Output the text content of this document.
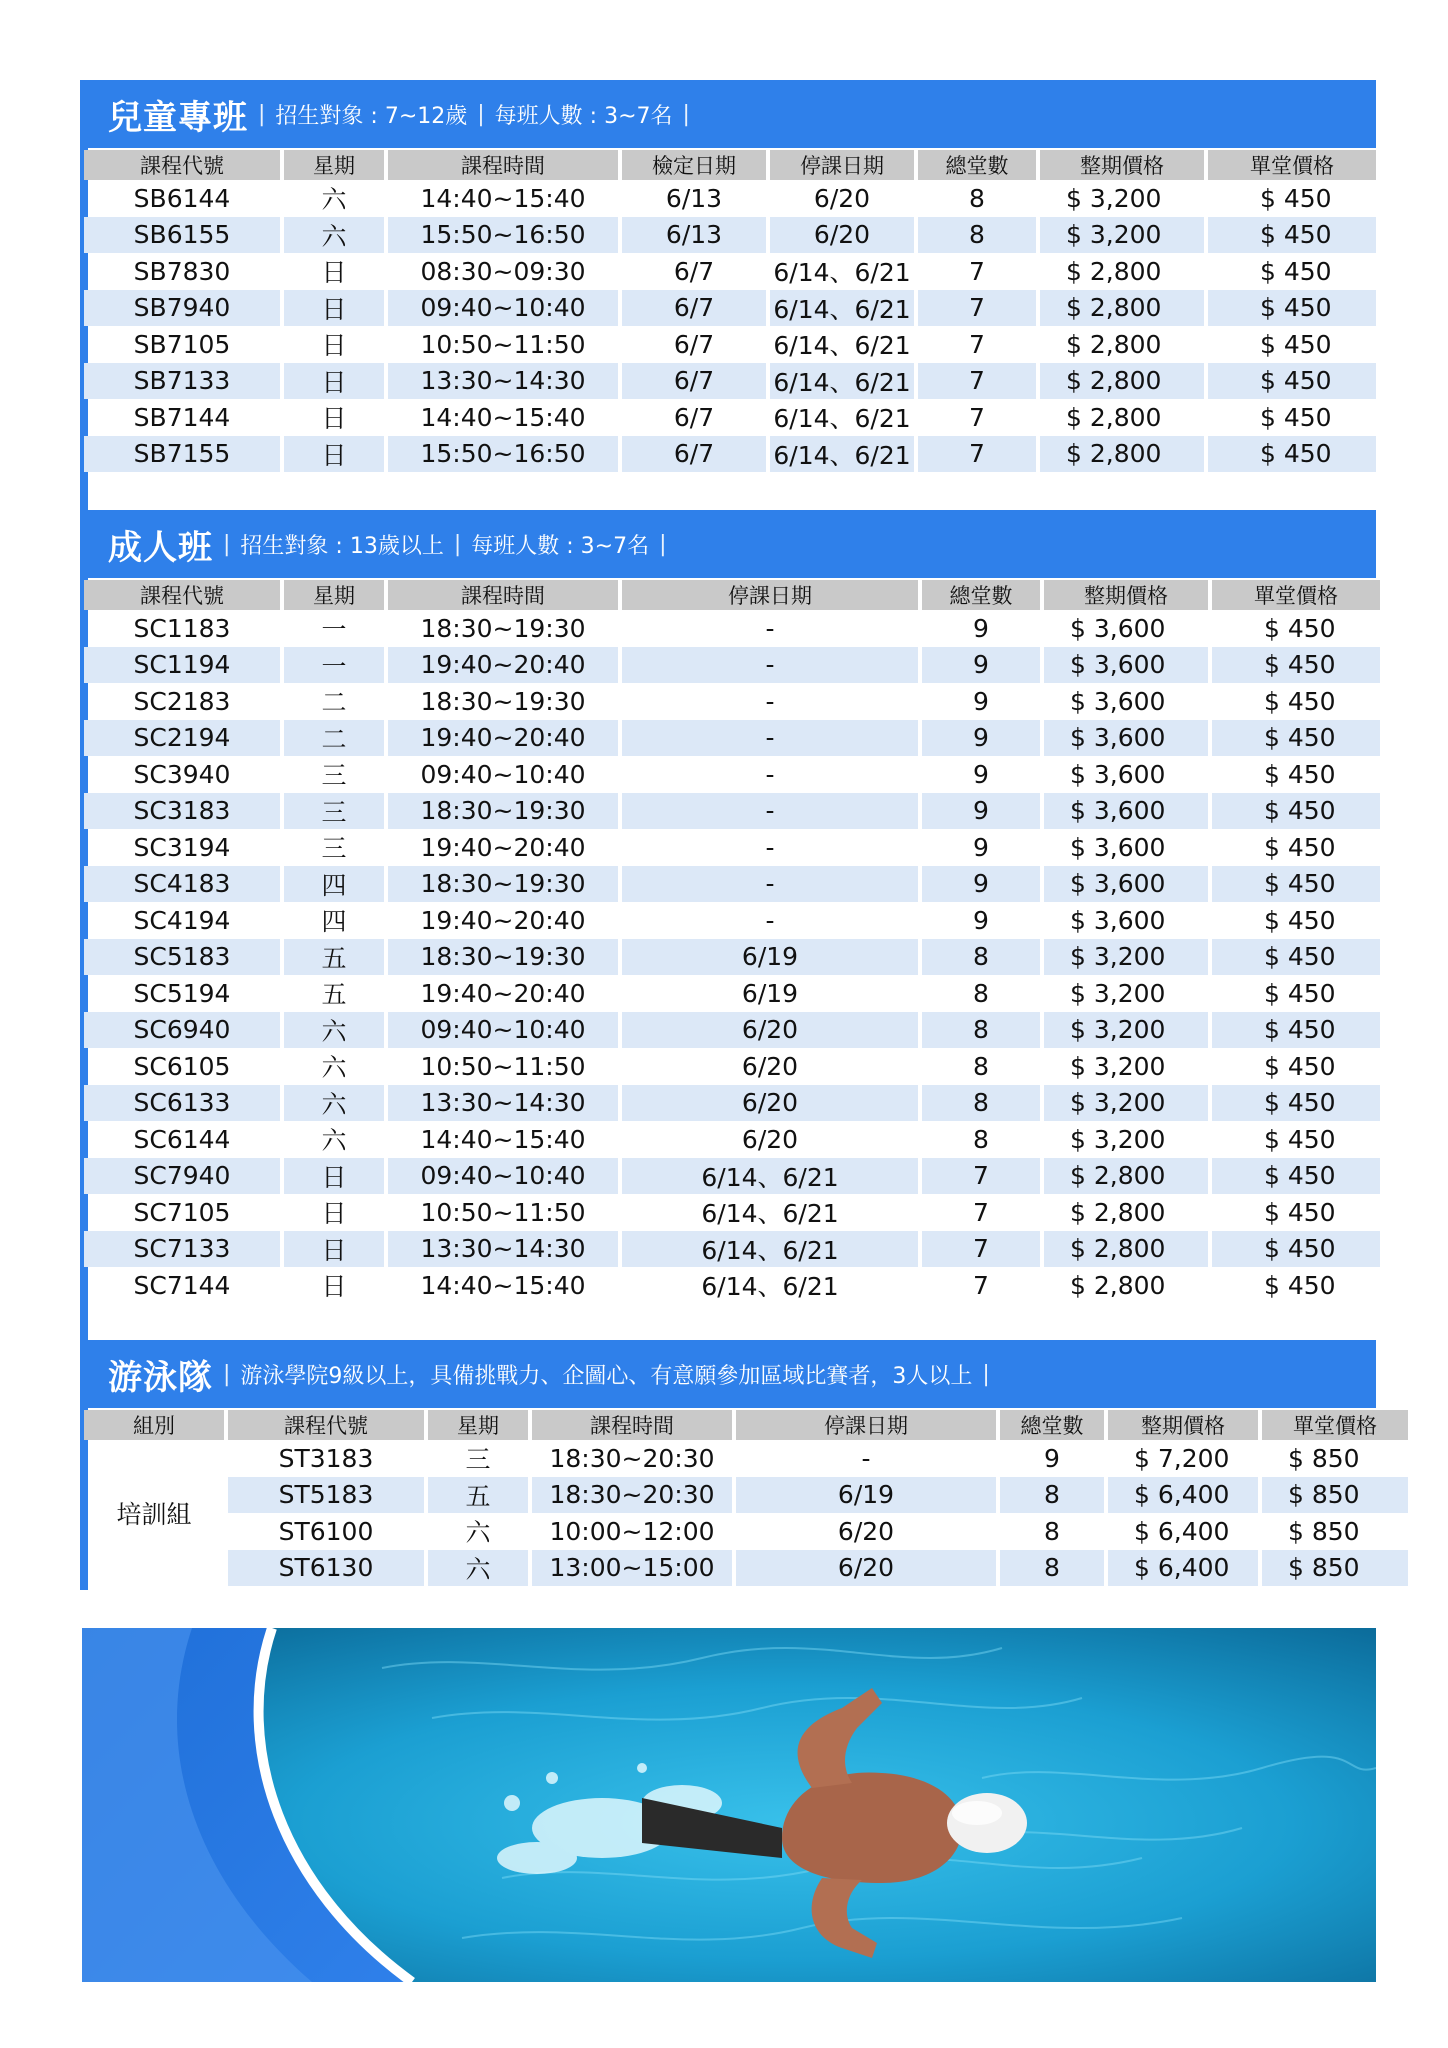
兒童專班 | 招生對象 : 7~12歲 | 每班人數 : 3~7名 |
課程代號	星期	課程時間	檢定日期	停課日期	總堂數	整期價格	單堂價格
SB6144	六	14:40~15:40	6/13	6/20	8	$ 3,200	$ 450
SB6155	六	15:50~16:50	6/13	6/20	8	$ 3,200	$ 450
SB7830	日	08:30~09:30	6/7	6/14、6/21	7	$ 2,800	$ 450
SB7940	日	09:40~10:40	6/7	6/14、6/21	7	$ 2,800	$ 450
SB7105	日	10:50~11:50	6/7	6/14、6/21	7	$ 2,800	$ 450
SB7133	日	13:30~14:30	6/7	6/14、6/21	7	$ 2,800	$ 450
SB7144	日	14:40~15:40	6/7	6/14、6/21	7	$ 2,800	$ 450
SB7155	日	15:50~16:50	6/7	6/14、6/21	7	$ 2,800	$ 450
成人班 | 招生對象 : 13歲以上 | 每班人數 : 3~7名 |
課程代號	星期	課程時間	停課日期	總堂數	整期價格	單堂價格
SC1183	一	18:30~19:30	-	9	$ 3,600	$ 450
SC1194	一	19:40~20:40	-	9	$ 3,600	$ 450
SC2183	二	18:30~19:30	-	9	$ 3,600	$ 450
SC2194	二	19:40~20:40	-	9	$ 3,600	$ 450
SC3940	三	09:40~10:40	-	9	$ 3,600	$ 450
SC3183	三	18:30~19:30	-	9	$ 3,600	$ 450
SC3194	三	19:40~20:40	-	9	$ 3,600	$ 450
SC4183	四	18:30~19:30	-	9	$ 3,600	$ 450
SC4194	四	19:40~20:40	-	9	$ 3,600	$ 450
SC5183	五	18:30~19:30	6/19	8	$ 3,200	$ 450
SC5194	五	19:40~20:40	6/19	8	$ 3,200	$ 450
SC6940	六	09:40~10:40	6/20	8	$ 3,200	$ 450
SC6105	六	10:50~11:50	6/20	8	$ 3,200	$ 450
SC6133	六	13:30~14:30	6/20	8	$ 3,200	$ 450
SC6144	六	14:40~15:40	6/20	8	$ 3,200	$ 450
SC7940	日	09:40~10:40	6/14、6/21	7	$ 2,800	$ 450
SC7105	日	10:50~11:50	6/14、6/21	7	$ 2,800	$ 450
SC7133	日	13:30~14:30	6/14、6/21	7	$ 2,800	$ 450
SC7144	日	14:40~15:40	6/14、6/21	7	$ 2,800	$ 450
游泳隊 | 游泳學院9級以上，具備挑戰力、企圖心、有意願參加區域比賽者，3人以上 |
組別	課程代號	星期	課程時間	停課日期	總堂數	整期價格	單堂價格
培訓組	ST3183	三	18:30~20:30	-	9	$ 7,200	$ 850
	ST5183	五	18:30~20:30	6/19	8	$ 6,400	$ 850
	ST6100	六	10:00~12:00	6/20	8	$ 6,400	$ 850
	ST6130	六	13:00~15:00	6/20	8	$ 6,400	$ 850
